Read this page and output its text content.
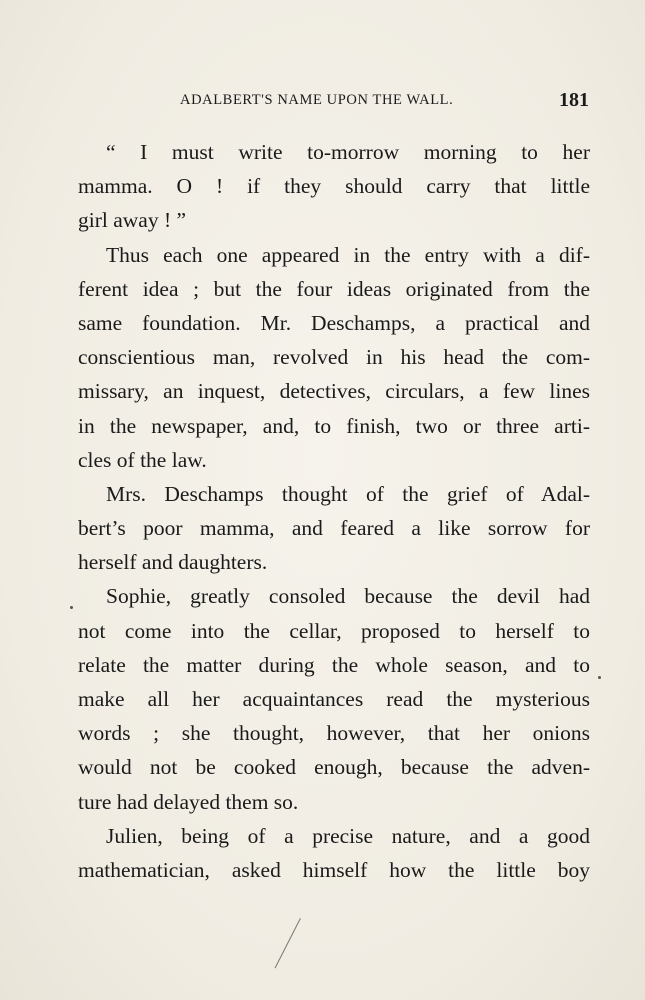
ADALBERT'S NAME UPON THE WALL.	181
“ I must write to-morrow morning to her
mamma. O ! if they should carry that little
girl away ! ”
Thus each one appeared in the entry with a dif-
ferent idea ; but the four ideas originated from the
same foundation. Mr. Deschamps, a practical and
conscientious man, revolved in his head the com-
missary, an inquest, detectives, circulars, a few lines
in the newspaper, and, to finish, two or three arti-
cles of the law.
Mrs. Deschamps thought of the grief of Adal-
bert’s poor mamma, and feared a like sorrow for
herself and daughters.
Sophie, greatly consoled because the devil had
not come into the cellar, proposed to herself to
relate the matter during the whole season, and to
make all her acquaintances read the mysterious
words ; she thought, however, that her onions
would not be cooked enough, because the adven-
ture had delayed them so.
Julien, being of a precise nature, and a good
mathematician, asked himself how the little boy
